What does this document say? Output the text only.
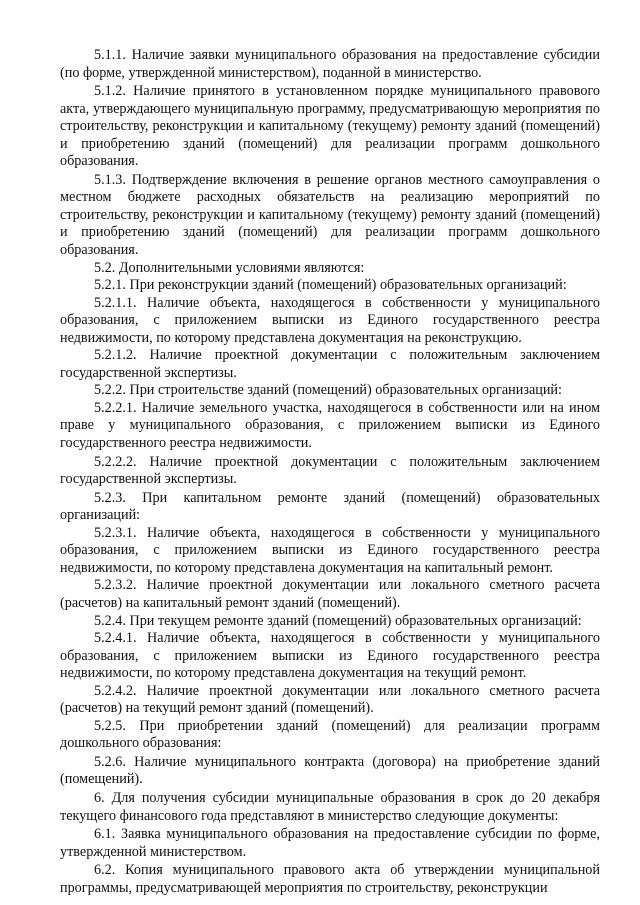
5.1.1. Наличие заявки муниципального образования на предоставление субсидии (по форме, утвержденной министерством), поданной в министерство.

5.1.2. Наличие принятого в установленном порядке муниципального правового акта, утверждающего муниципальную программу, предусматривающую мероприятия по строительству, реконструкции и капитальному (текущему) ремонту зданий (помещений) и приобретению зданий (помещений) для реализации программ дошкольного образования.

5.1.3. Подтверждение включения в решение органов местного самоуправления о местном бюджете расходных обязательств на реализацию мероприятий по строительству, реконструкции и капитальному (текущему) ремонту зданий (помещений) и приобретению зданий (помещений) для реализации программ дошкольного образования.

5.2. Дополнительными условиями являются:

5.2.1. При реконструкции зданий (помещений) образовательных организаций:

5.2.1.1. Наличие объекта, находящегося в собственности у муниципального образования, с приложением выписки из Единого государственного реестра недвижимости, по которому представлена документация на реконструкцию.

5.2.1.2. Наличие проектной документации с положительным заключением государственной экспертизы.

5.2.2. При строительстве зданий (помещений) образовательных организаций:

5.2.2.1. Наличие земельного участка, находящегося в собственности или на ином праве у муниципального образования, с приложением выписки из Единого государственного реестра недвижимости.

5.2.2.2. Наличие проектной документации с положительным заключением государственной экспертизы.

5.2.3. При капитальном ремонте зданий (помещений) образовательных организаций:

5.2.3.1. Наличие объекта, находящегося в собственности у муниципального образования, с приложением выписки из Единого государственного реестра недвижимости, по которому представлена документация на капитальный ремонт.

5.2.3.2. Наличие проектной документации или локального сметного расчета (расчетов) на капитальный ремонт зданий (помещений).

5.2.4. При текущем ремонте зданий (помещений) образовательных организаций:

5.2.4.1. Наличие объекта, находящегося в собственности у муниципального образования, с приложением выписки из Единого государственного реестра недвижимости, по которому представлена документация на текущий ремонт.

5.2.4.2. Наличие проектной документации или локального сметного расчета (расчетов) на текущий ремонт зданий (помещений).

5.2.5. При приобретении зданий (помещений) для реализации программ дошкольного образования:

5.2.6. Наличие муниципального контракта (договора) на приобретение зданий (помещений).

6. Для получения субсидии муниципальные образования в срок до 20 декабря текущего финансового года представляют в министерство следующие документы:

6.1. Заявка муниципального образования на предоставление субсидии по форме, утвержденной министерством.

6.2. Копия муниципального правового акта об утверждении муниципальной программы, предусматривающей мероприятия по строительству, реконструкции
